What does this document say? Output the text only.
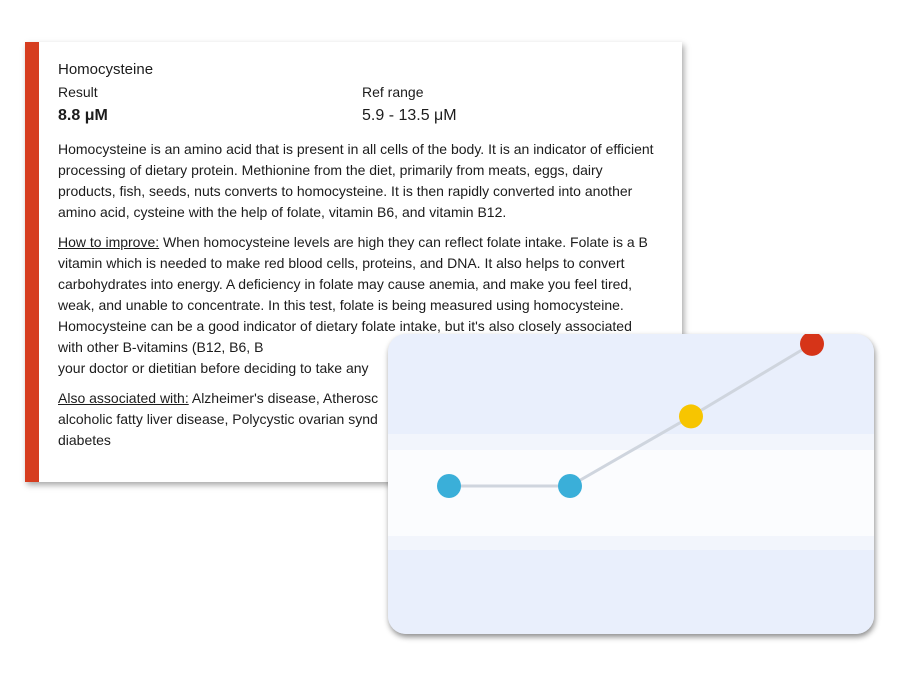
Homocysteine
Result	Ref range
8.8 μM	5.9 - 13.5 μM

Homocysteine is an amino acid that is present in all cells of the body. It is an indicator of efficient processing of dietary protein. Methionine from the diet, primarily from meats, eggs, dairy products, fish, seeds, nuts converts to homocysteine. It is then rapidly converted into another amino acid, cysteine with the help of folate, vitamin B6, and vitamin B12.

How to improve: When homocysteine levels are high they can reflect folate intake. Folate is a B vitamin which is needed to make red blood cells, proteins, and DNA. It also helps to convert carbohydrates into energy. A deficiency in folate may cause anemia, and make you feel tired, weak, and unable to concentrate. In this test, folate is being measured using homocysteine. Homocysteine can be a good indicator of dietary folate intake, but it's also closely associated with other B-vitamins (B12, B6, B
your doctor or dietitian before deciding to take any

Also associated with: Alzheimer's disease, Atherosc
alcoholic fatty liver disease, Polycystic ovarian synd
diabetes
